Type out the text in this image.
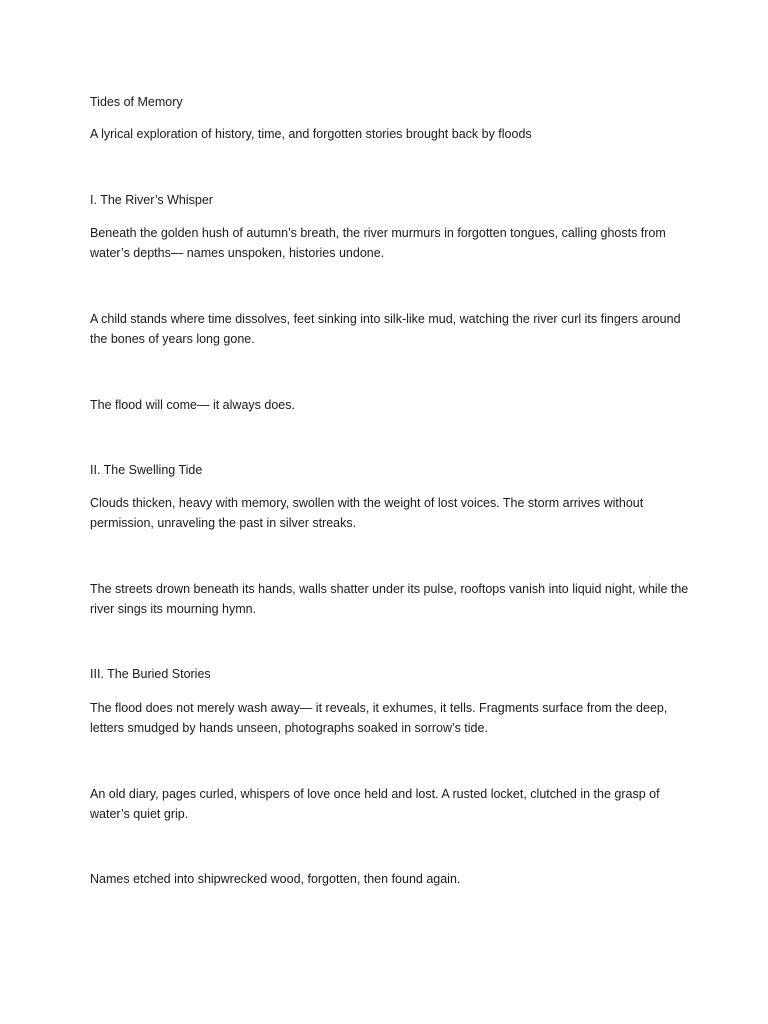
Tides of Memory

A lyrical exploration of history, time, and forgotten stories brought back by floods

I. The River’s Whisper

Beneath the golden hush of autumn’s breath, the river murmurs in forgotten tongues, calling ghosts from water’s depths— names unspoken, histories undone.

A child stands where time dissolves, feet sinking into silk-like mud, watching the river curl its fingers around the bones of years long gone.

The flood will come— it always does.

II. The Swelling Tide

Clouds thicken, heavy with memory, swollen with the weight of lost voices. The storm arrives without permission, unraveling the past in silver streaks.

The streets drown beneath its hands, walls shatter under its pulse, rooftops vanish into liquid night, while the river sings its mourning hymn.

III. The Buried Stories

The flood does not merely wash away— it reveals, it exhumes, it tells. Fragments surface from the deep, letters smudged by hands unseen, photographs soaked in sorrow’s tide.

An old diary, pages curled, whispers of love once held and lost. A rusted locket, clutched in the grasp of water’s quiet grip.

Names etched into shipwrecked wood, forgotten, then found again.
